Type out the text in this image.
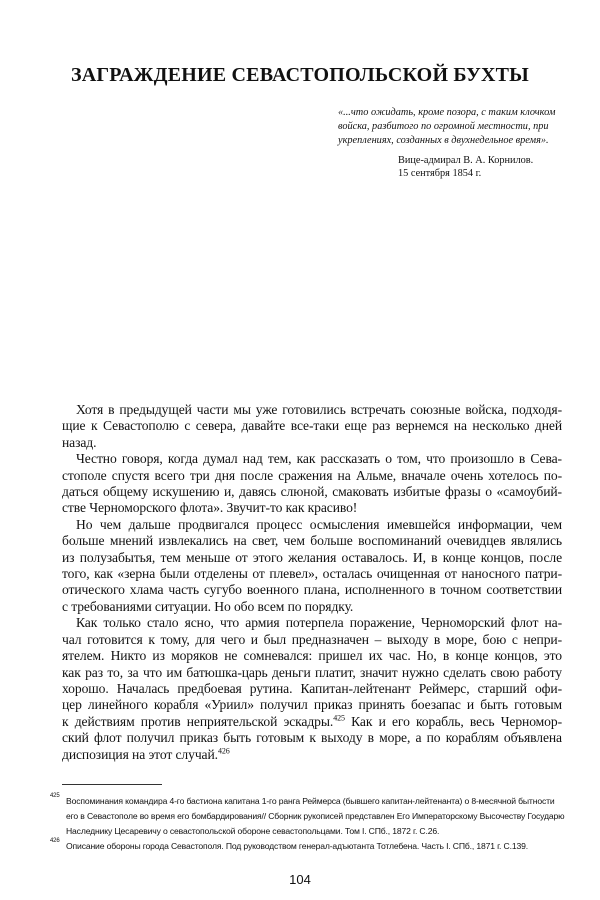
ЗАГРАЖДЕНИЕ СЕВАСТОПОЛЬСКОЙ БУХТЫ
«...что ожидать, кроме позора, с таким клочком
войска, разбитого по огромной местности, при
укреплениях, созданных в двухнедельное время».
Вице-адмирал В. А. Корнилов.
15 сентября 1854 г.
Хотя в предыдущей части мы уже готовились встречать союзные войска, подходя-
щие к Севастополю с севера, давайте все-таки еще раз вернемся на несколько дней
назад.
Честно говоря, когда думал над тем, как рассказать о том, что произошло в Сева-
стополе спустя всего три дня после сражения на Альме, вначале очень хотелось по-
даться общему искушению и, давясь слюной, смаковать избитые фразы о «самоубий-
стве Черноморского флота». Звучит-то как красиво!
Но чем дальше продвигался процесс осмысления имевшейся информации, чем
больше мнений извлекались на свет, чем больше воспоминаний очевидцев являлись
из полузабытья, тем меньше от этого желания оставалось. И, в конце концов, после
того, как «зерна были отделены от плевел», осталась очищенная от наносного патри-
отического хлама часть сугубо военного плана, исполненного в точном соответствии
с требованиями ситуации. Но обо всем по порядку.
Как только стало ясно, что армия потерпела поражение, Черноморский флот на-
чал готовится к тому, для чего и был предназначен – выходу в море, бою с непри-
ятелем. Никто из моряков не сомневался: пришел их час. Но, в конце концов, это
как раз то, за что им батюшка-царь деньги платит, значит нужно сделать свою работу
хорошо. Началась предбоевая рутина. Капитан-лейтенант Реймерс, старший офи-
цер линейного корабля «Уриил» получил приказ принять боезапас и быть готовым
к действиям против неприятельской эскадры.$^{425}$ Как и его корабль, весь Черномор-
ский флот получил приказ быть готовым к выходу в море, а по кораблям объявлена
диспозиция на этот случай.$^{426}$
425 Воспоминания командира 4-го бастиона капитана 1-го ранга Реймерса (бывшего капитан-лейтенанта) о 8-месячной бытности
его в Севастополе во время его бомбардирования// Сборник рукописей представлен Его Императорскому Высочеству Государю
Наследнику Цесаревичу о севастопольской обороне севастопольцами. Том I. СПб., 1872 г. С.26.
426 Описание обороны города Севастополя. Под руководством генерал-адъютанта Тотлебена. Часть I. СПб., 1871 г. С.139.
104
